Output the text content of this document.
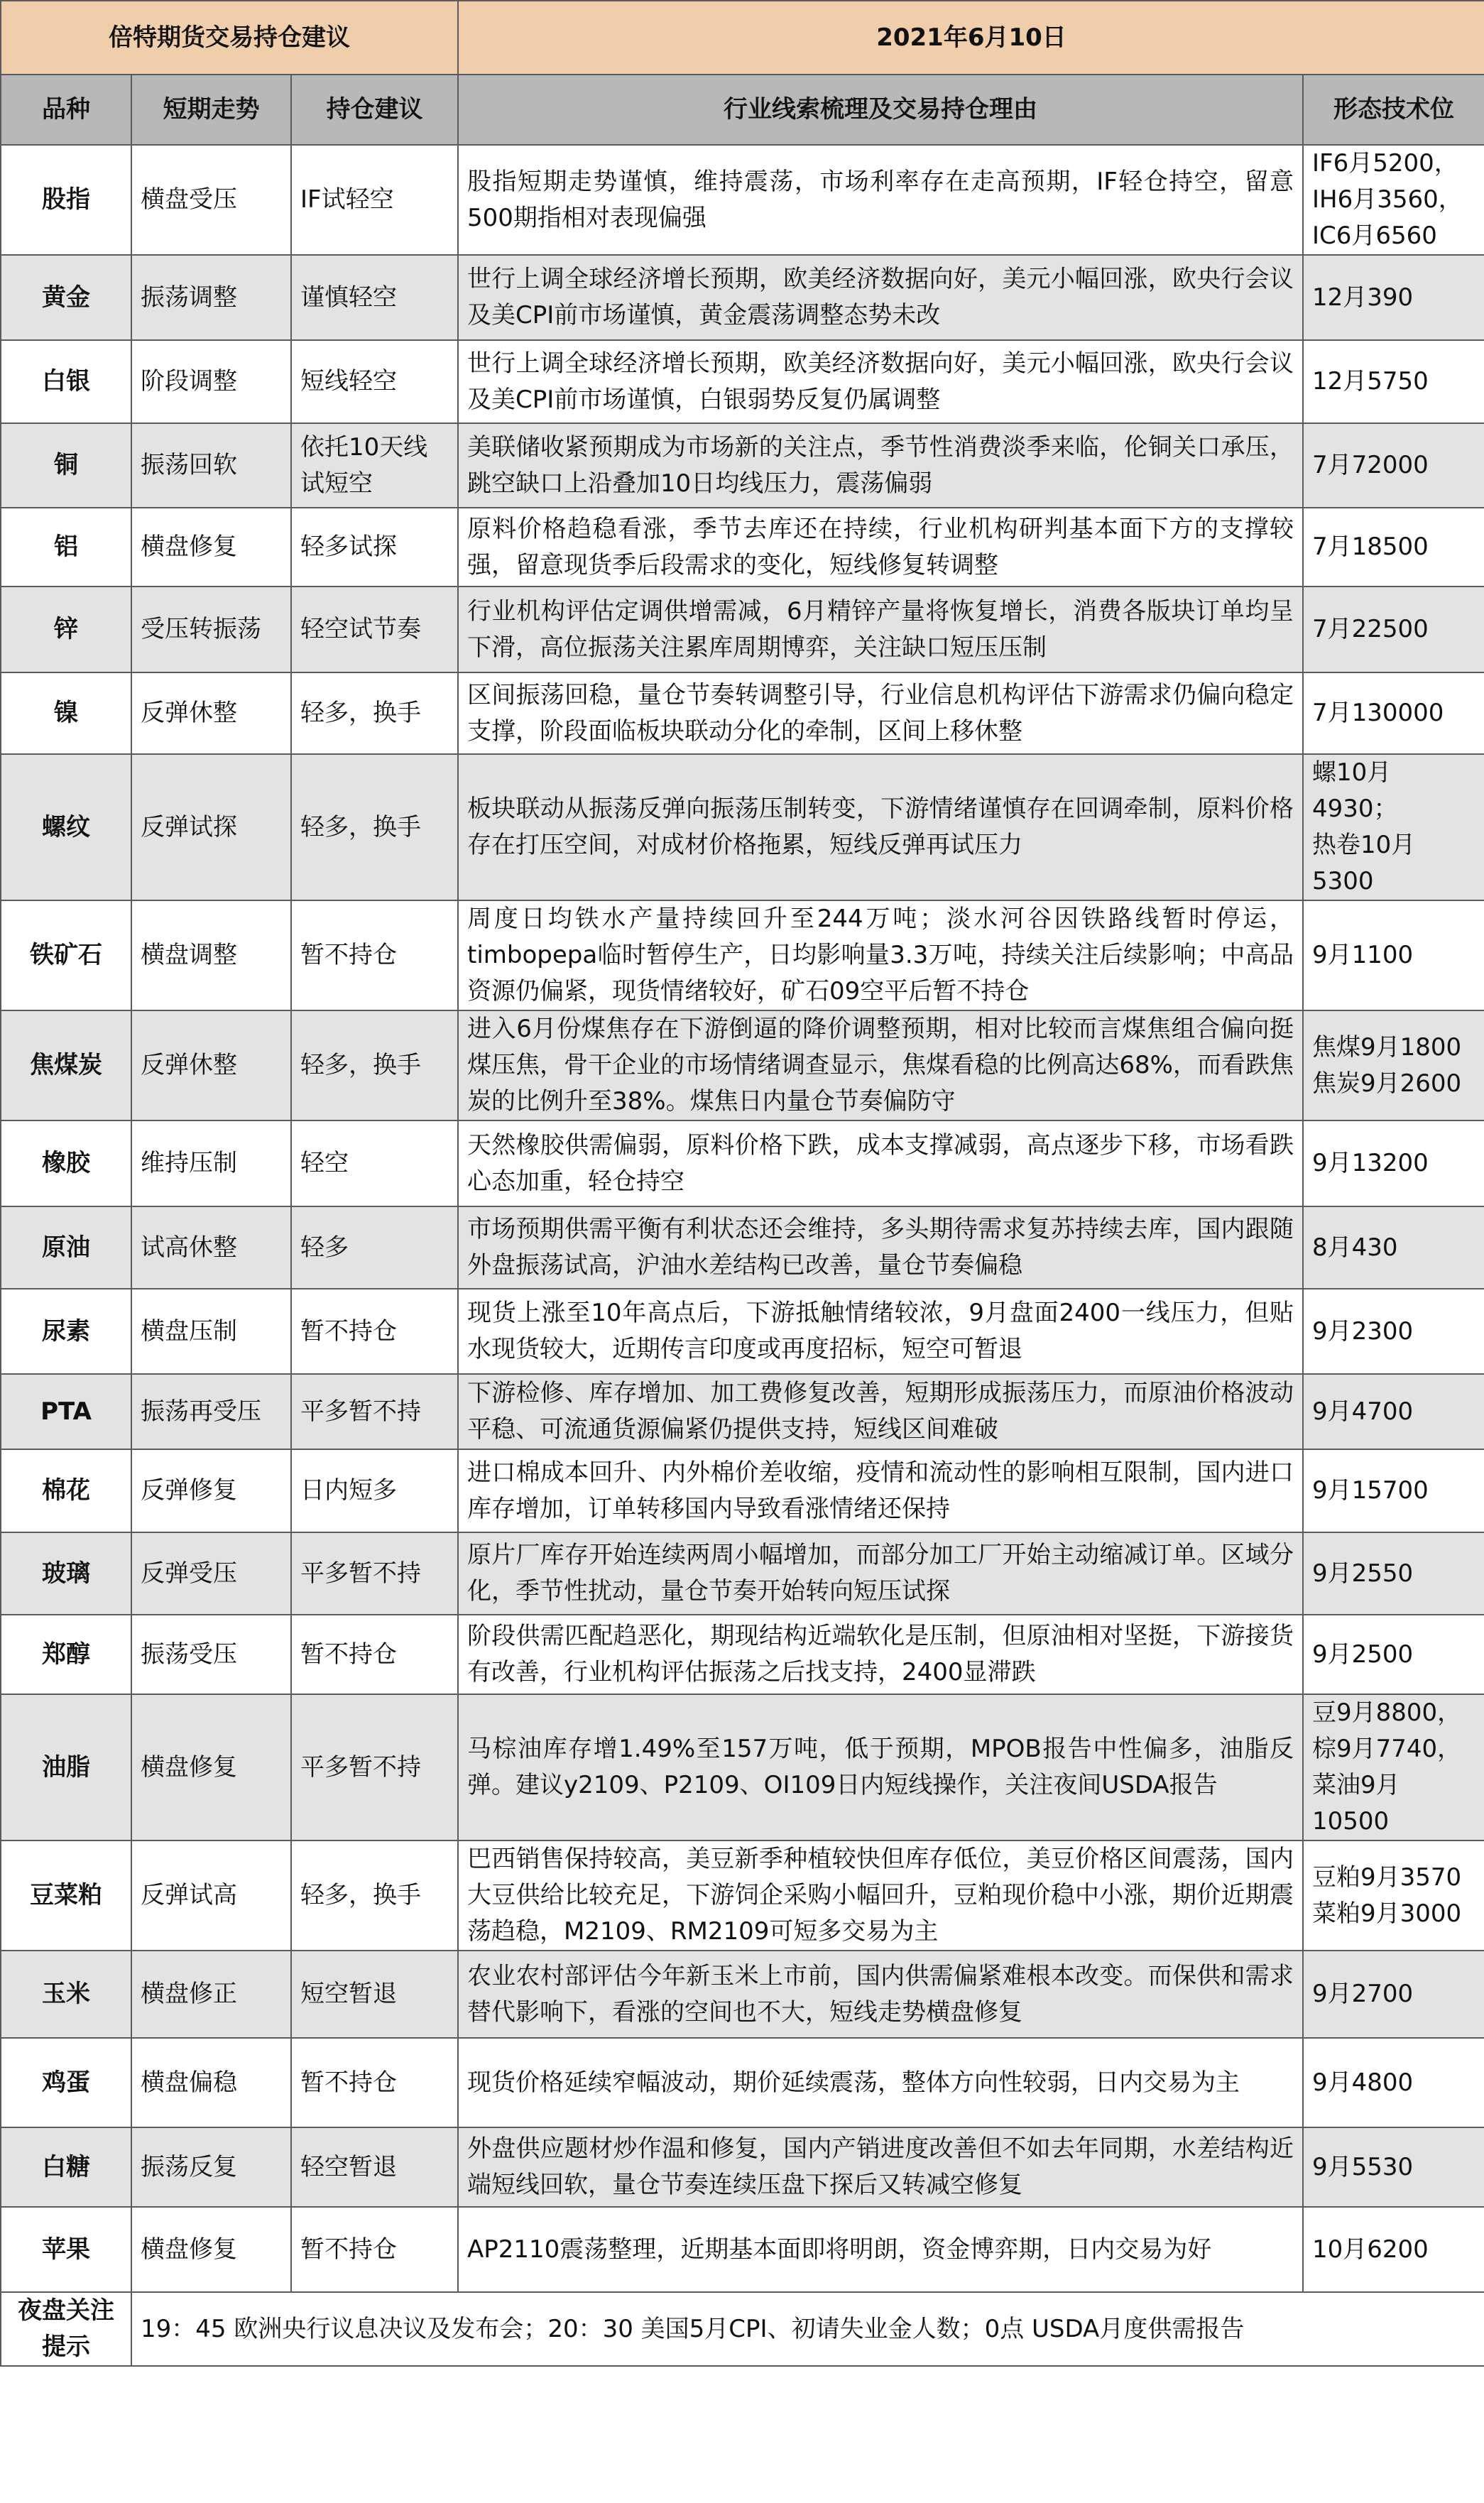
倍特期货交易持仓建议			2021年6月10日	
品种	短期走势	持仓建议	行业线索梳理及交易持仓理由	形态技术位
股指	横盘受压	IF试轻空	股指短期走势谨慎，维持震荡，市场利率存在走高预期，IF轻仓持空，留意500期指相对表现偏强	IF6月5200，
IH6月3560，
IC6月6560

黄金	振荡调整	谨慎轻空	世行上调全球经济增长预期，欧美经济数据向好，美元小幅回涨，欧央行会议及美CPI前市场谨慎，黄金震荡调整态势未改	12月390

白银	阶段调整	短线轻空	世行上调全球经济增长预期，欧美经济数据向好，美元小幅回涨，欧央行会议及美CPI前市场谨慎，白银弱势反复仍属调整	12月5750

铜	振荡回软	依托10天线
试短空	美联储收紧预期成为市场新的关注点，季节性消费淡季来临，伦铜关口承压，跳空缺口上沿叠加10日均线压力，震荡偏弱	7月72000

铝	横盘修复	轻多试探	原料价格趋稳看涨，季节去库还在持续，行业机构研判基本面下方的支撑较强，留意现货季后段需求的变化，短线修复转调整	7月18500

锌	受压转振荡	轻空试节奏	行业机构评估定调供增需减，6月精锌产量将恢复增长，消费各版块订单均呈下滑，高位振荡关注累库周期博弈，关注缺口短压压制	7月22500

镍	反弹休整	轻多，换手	区间振荡回稳，量仓节奏转调整引导，行业信息机构评估下游需求仍偏向稳定支撑，阶段面临板块联动分化的牵制，区间上移休整	7月130000

螺纹	反弹试探	轻多，换手	板块联动从振荡反弹向振荡压制转变，下游情绪谨慎存在回调牵制，原料价格存在打压空间，对成材价格拖累，短线反弹再试压力	螺10月4930；
热卷10月5300

铁矿石	横盘调整	暂不持仓	周度日均铁水产量持续回升至244万吨；淡水河谷因铁路线暂时停运，timbopepa临时暂停生产，日均影响量3.3万吨，持续关注后续影响；中高品资源仍偏紧，现货情绪较好，矿石09空平后暂不持仓	9月1100

焦煤炭	反弹休整	轻多，换手	进入6月份煤焦存在下游倒逼的降价调整预期，相对比较而言煤焦组合偏向挺煤压焦，骨干企业的市场情绪调查显示，焦煤看稳的比例高达68%，而看跌焦炭的比例升至38%。煤焦日内量仓节奏偏防守	焦煤9月1800
焦炭9月2600

橡胶	维持压制	轻空	天然橡胶供需偏弱，原料价格下跌，成本支撑减弱，高点逐步下移，市场看跌心态加重，轻仓持空	9月13200

原油	试高休整	轻多	市场预期供需平衡有利状态还会维持，多头期待需求复苏持续去库，国内跟随外盘振荡试高，沪油水差结构已改善，量仓节奏偏稳	8月430

尿素	横盘压制	暂不持仓	现货上涨至10年高点后，下游抵触情绪较浓，9月盘面2400一线压力，但贴水现货较大，近期传言印度或再度招标，短空可暂退	9月2300

PTA	振荡再受压	平多暂不持	下游检修、库存增加、加工费修复改善，短期形成振荡压力，而原油价格波动平稳、可流通货源偏紧仍提供支持，短线区间难破	9月4700

棉花	反弹修复	日内短多	进口棉成本回升、内外棉价差收缩，疫情和流动性的影响相互限制，国内进口库存增加，订单转移国内导致看涨情绪还保持	9月15700

玻璃	反弹受压	平多暂不持	原片厂库存开始连续两周小幅增加，而部分加工厂开始主动缩减订单。区域分化，季节性扰动，量仓节奏开始转向短压试探	9月2550

郑醇	振荡受压	暂不持仓	阶段供需匹配趋恶化，期现结构近端软化是压制，但原油相对坚挺，下游接货有改善，行业机构评估振荡之后找支持，2400显滞跌	9月2500

油脂	横盘修复	平多暂不持	马棕油库存增1.49%至157万吨，低于预期，MPOB报告中性偏多，油脂反弹。建议y2109、P2109、OI109日内短线操作，关注夜间USDA报告	豆9月8800，
棕9月7740，
菜油9月10500

豆菜粕	反弹试高	轻多，换手	巴西销售保持较高，美豆新季种植较快但库存低位，美豆价格区间震荡，国内大豆供给比较充足，下游饲企采购小幅回升，豆粕现价稳中小涨，期价近期震荡趋稳，M2109、RM2109可短多交易为主	豆粕9月3570
菜粕9月3000

玉米	横盘修正	短空暂退	农业农村部评估今年新玉米上市前，国内供需偏紧难根本改变。而保供和需求替代影响下，看涨的空间也不大，短线走势横盘修复	9月2700

鸡蛋	横盘偏稳	暂不持仓	现货价格延续窄幅波动，期价延续震荡，整体方向性较弱，日内交易为主	9月4800

白糖	振荡反复	轻空暂退	外盘供应题材炒作温和修复，国内产销进度改善但不如去年同期，水差结构近端短线回软，量仓节奏连续压盘下探后又转减空修复	9月5530

苹果	横盘修复	暂不持仓	AP2110震荡整理，近期基本面即将明朗，资金博弈期，日内交易为好	10月6200

夜盘关注提示	19：45 欧洲央行议息决议及发布会；20：30 美国5月CPI、初请失业金人数；0点 USDA月度供需报告			
